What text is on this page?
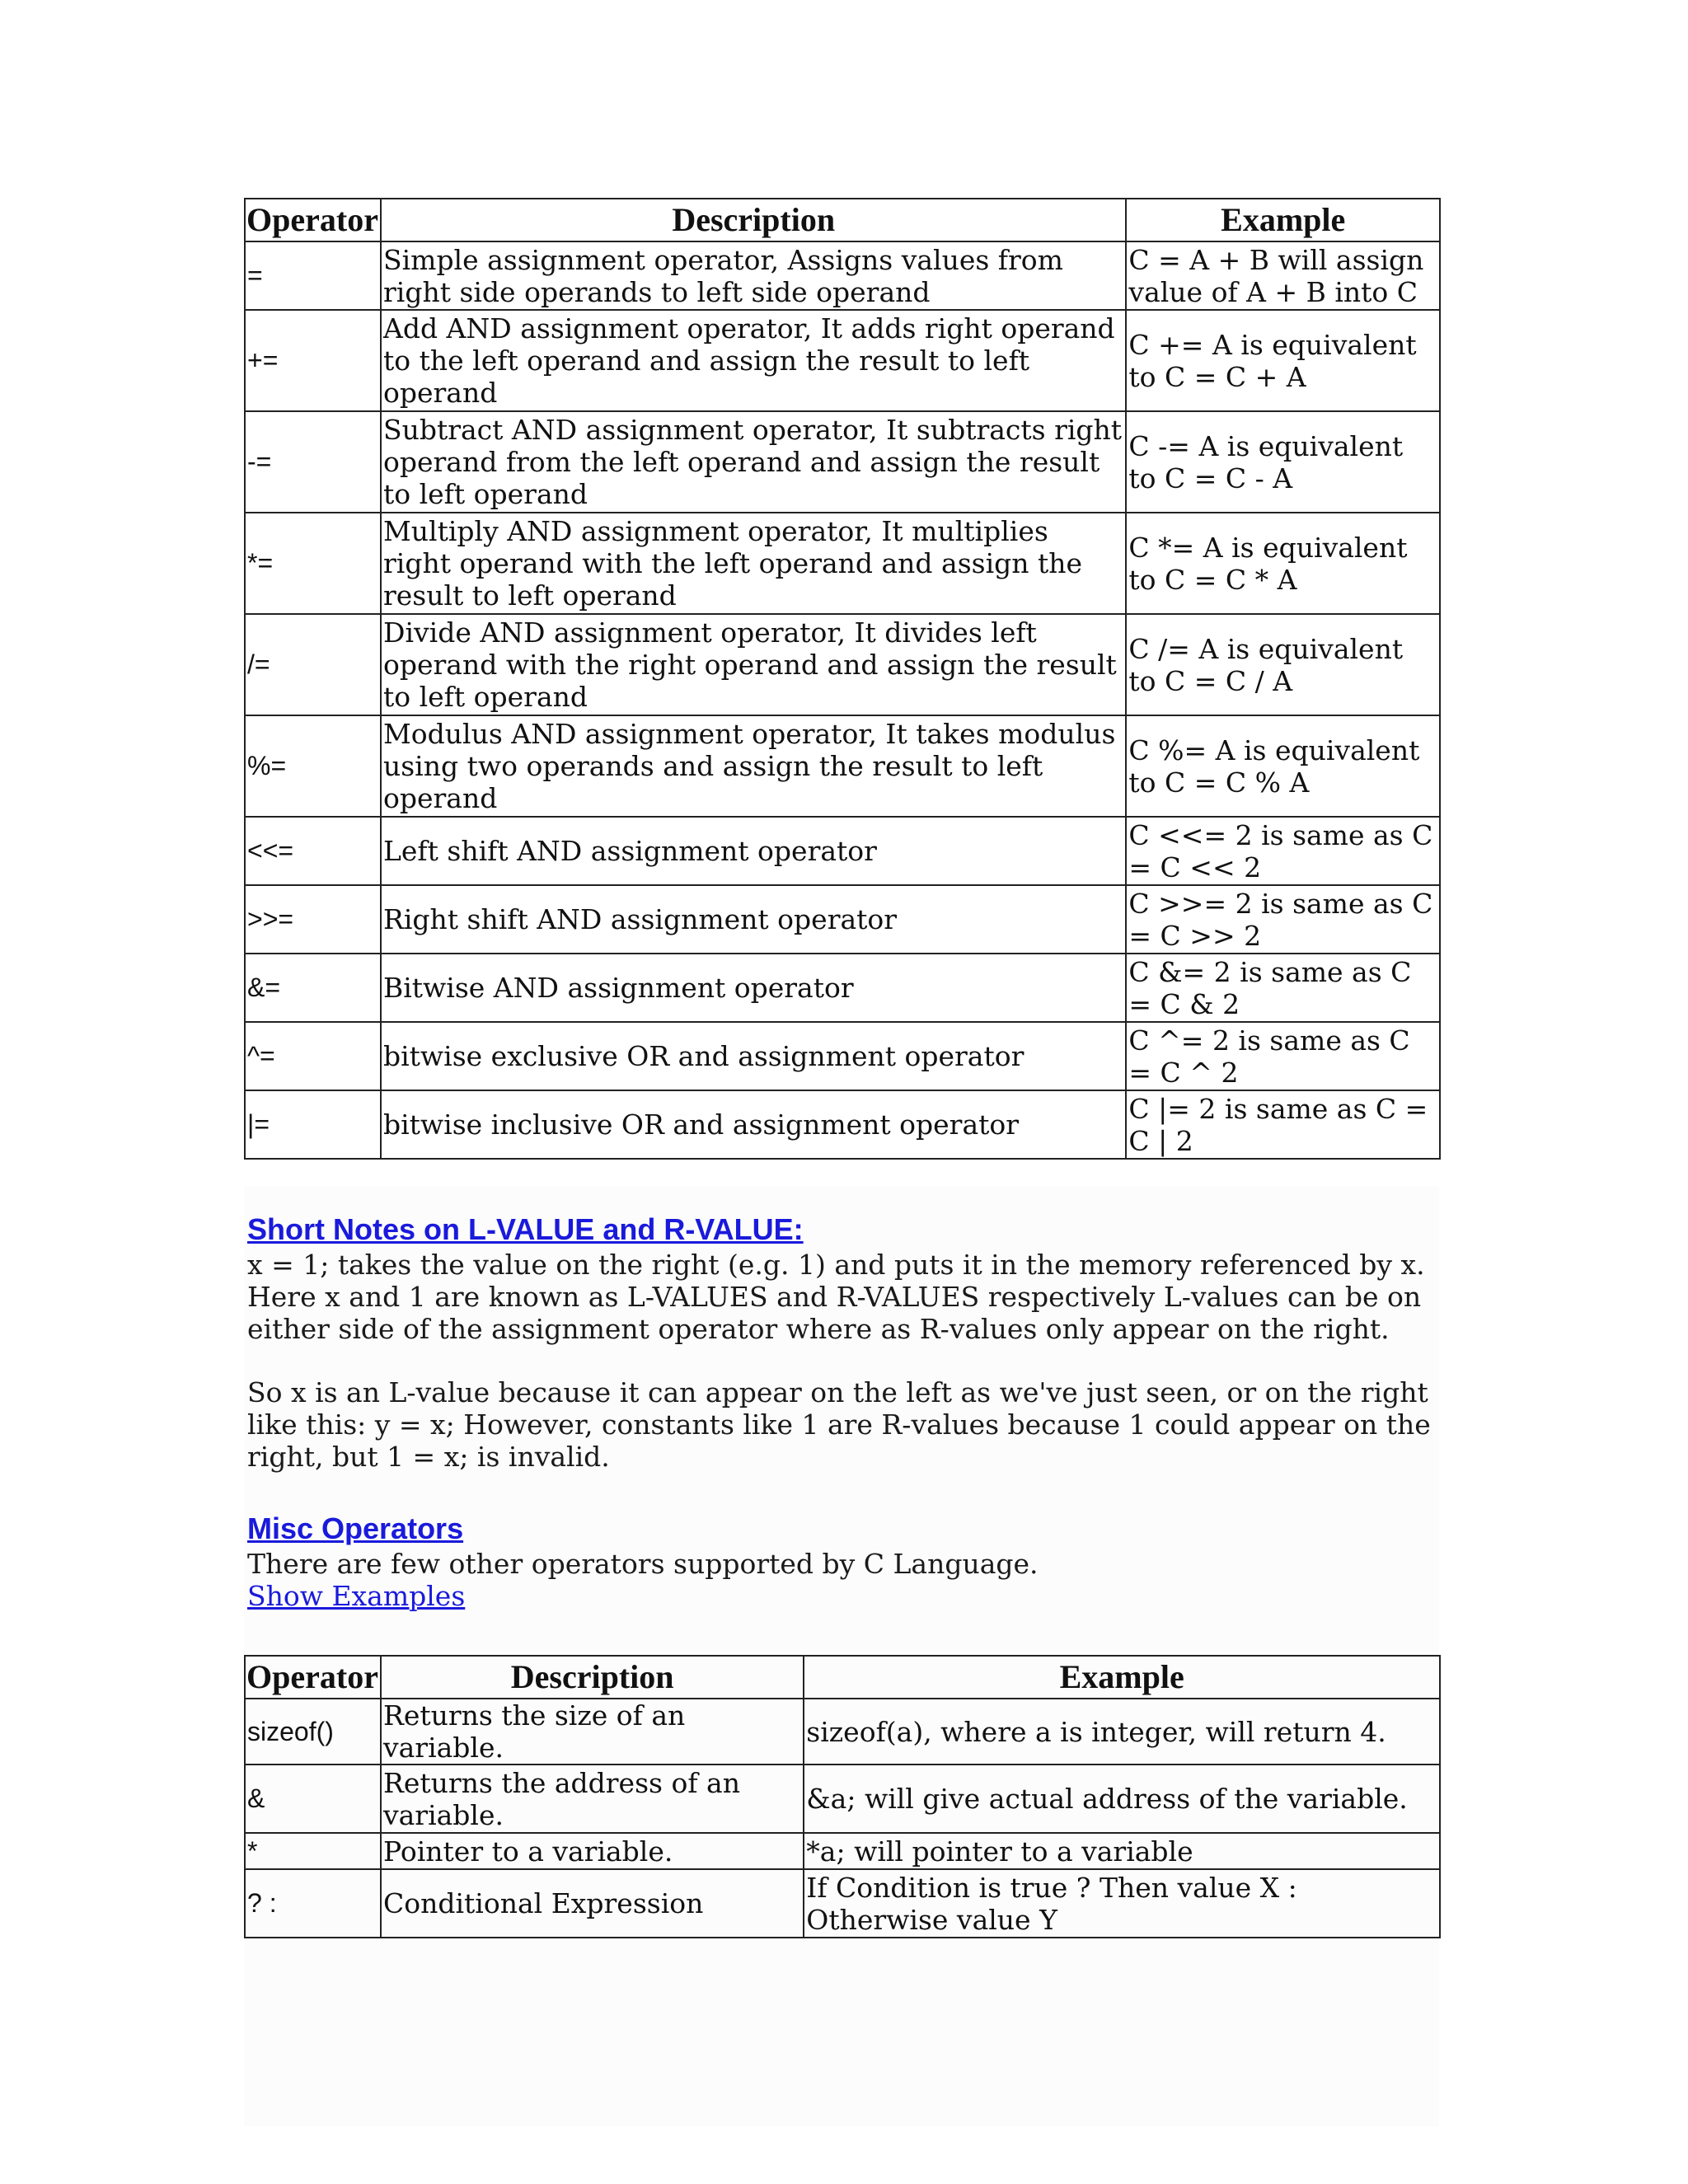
Operator	Description	Example
=	Simple assignment operator, Assigns values from right side operands to left side operand	C = A + B will assign value of A + B into C
+=	Add AND assignment operator, It adds right operand to the left operand and assign the result to left operand	C += A is equivalent to C = C + A
-=	Subtract AND assignment operator, It subtracts right operand from the left operand and assign the result to left operand	C -= A is equivalent to C = C - A
*=	Multiply AND assignment operator, It multiplies right operand with the left operand and assign the result to left operand	C *= A is equivalent to C = C * A
/=	Divide AND assignment operator, It divides left operand with the right operand and assign the result to left operand	C /= A is equivalent to C = C / A
%=	Modulus AND assignment operator, It takes modulus using two operands and assign the result to left operand	C %= A is equivalent to C = C % A
<<=	Left shift AND assignment operator	C <<= 2 is same as C = C << 2
>>=	Right shift AND assignment operator	C >>= 2 is same as C = C >> 2
&=	Bitwise AND assignment operator	C &= 2 is same as C = C & 2
^=	bitwise exclusive OR and assignment operator	C ^= 2 is same as C = C ^ 2
|=	bitwise inclusive OR and assignment operator	C |= 2 is same as C = C | 2
Short Notes on L-VALUE and R-VALUE:

x = 1; takes the value on the right (e.g. 1) and puts it in the memory referenced by x. Here x and 1 are known as L-VALUES and R-VALUES respectively L-values can be on either side of the assignment operator where as R-values only appear on the right.

So x is an L-value because it can appear on the left as we've just seen, or on the right like this: y = x; However, constants like 1 are R-values because 1 could appear on the right, but 1 = x; is invalid.

Misc Operators

There are few other operators supported by C Language.

Show Examples
Operator	Description	Example
sizeof()	Returns the size of an variable.	sizeof(a), where a is integer, will return 4.
&	Returns the address of an variable.	&a; will give actual address of the variable.
*	Pointer to a variable.	*a; will pointer to a variable
? :	Conditional Expression	If Condition is true ? Then value X : Otherwise value Y
